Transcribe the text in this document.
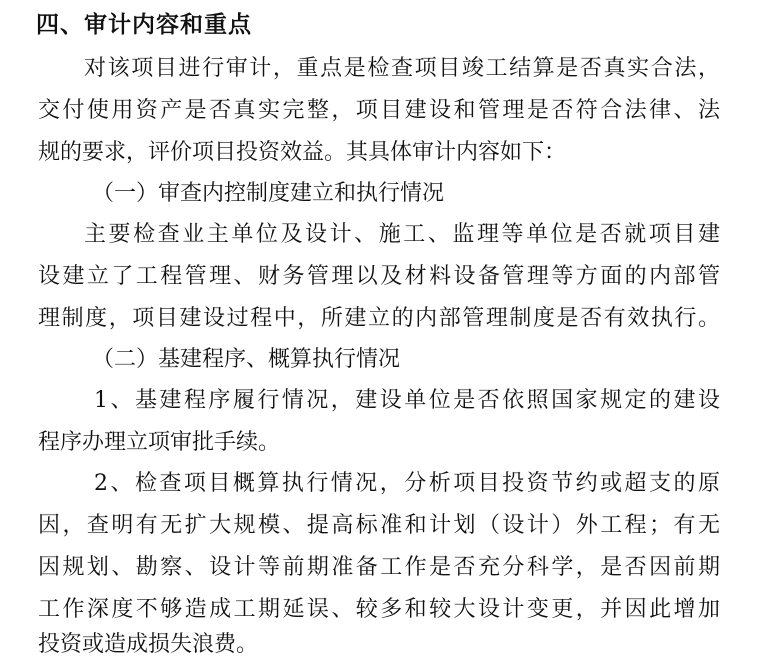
四、审计内容和重点
对该项目进行审计，重点是检查项目竣工结算是否真实合法，
交付使用资产是否真实完整，项目建设和管理是否符合法律、法
规的要求，评价项目投资效益。其具体审计内容如下：
（一）审查内控制度建立和执行情况
主要检查业主单位及设计、施工、监理等单位是否就项目建
设建立了工程管理、财务管理以及材料设备管理等方面的内部管
理制度，项目建设过程中，所建立的内部管理制度是否有效执行。
（二）基建程序、概算执行情况
1、基建程序履行情况，建设单位是否依照国家规定的建设
程序办理立项审批手续。
2、检查项目概算执行情况，分析项目投资节约或超支的原
因，查明有无扩大规模、提高标准和计划（设计）外工程；有无
因规划、勘察、设计等前期准备工作是否充分科学，是否因前期
工作深度不够造成工期延误、较多和较大设计变更，并因此增加
投资或造成损失浪费。
